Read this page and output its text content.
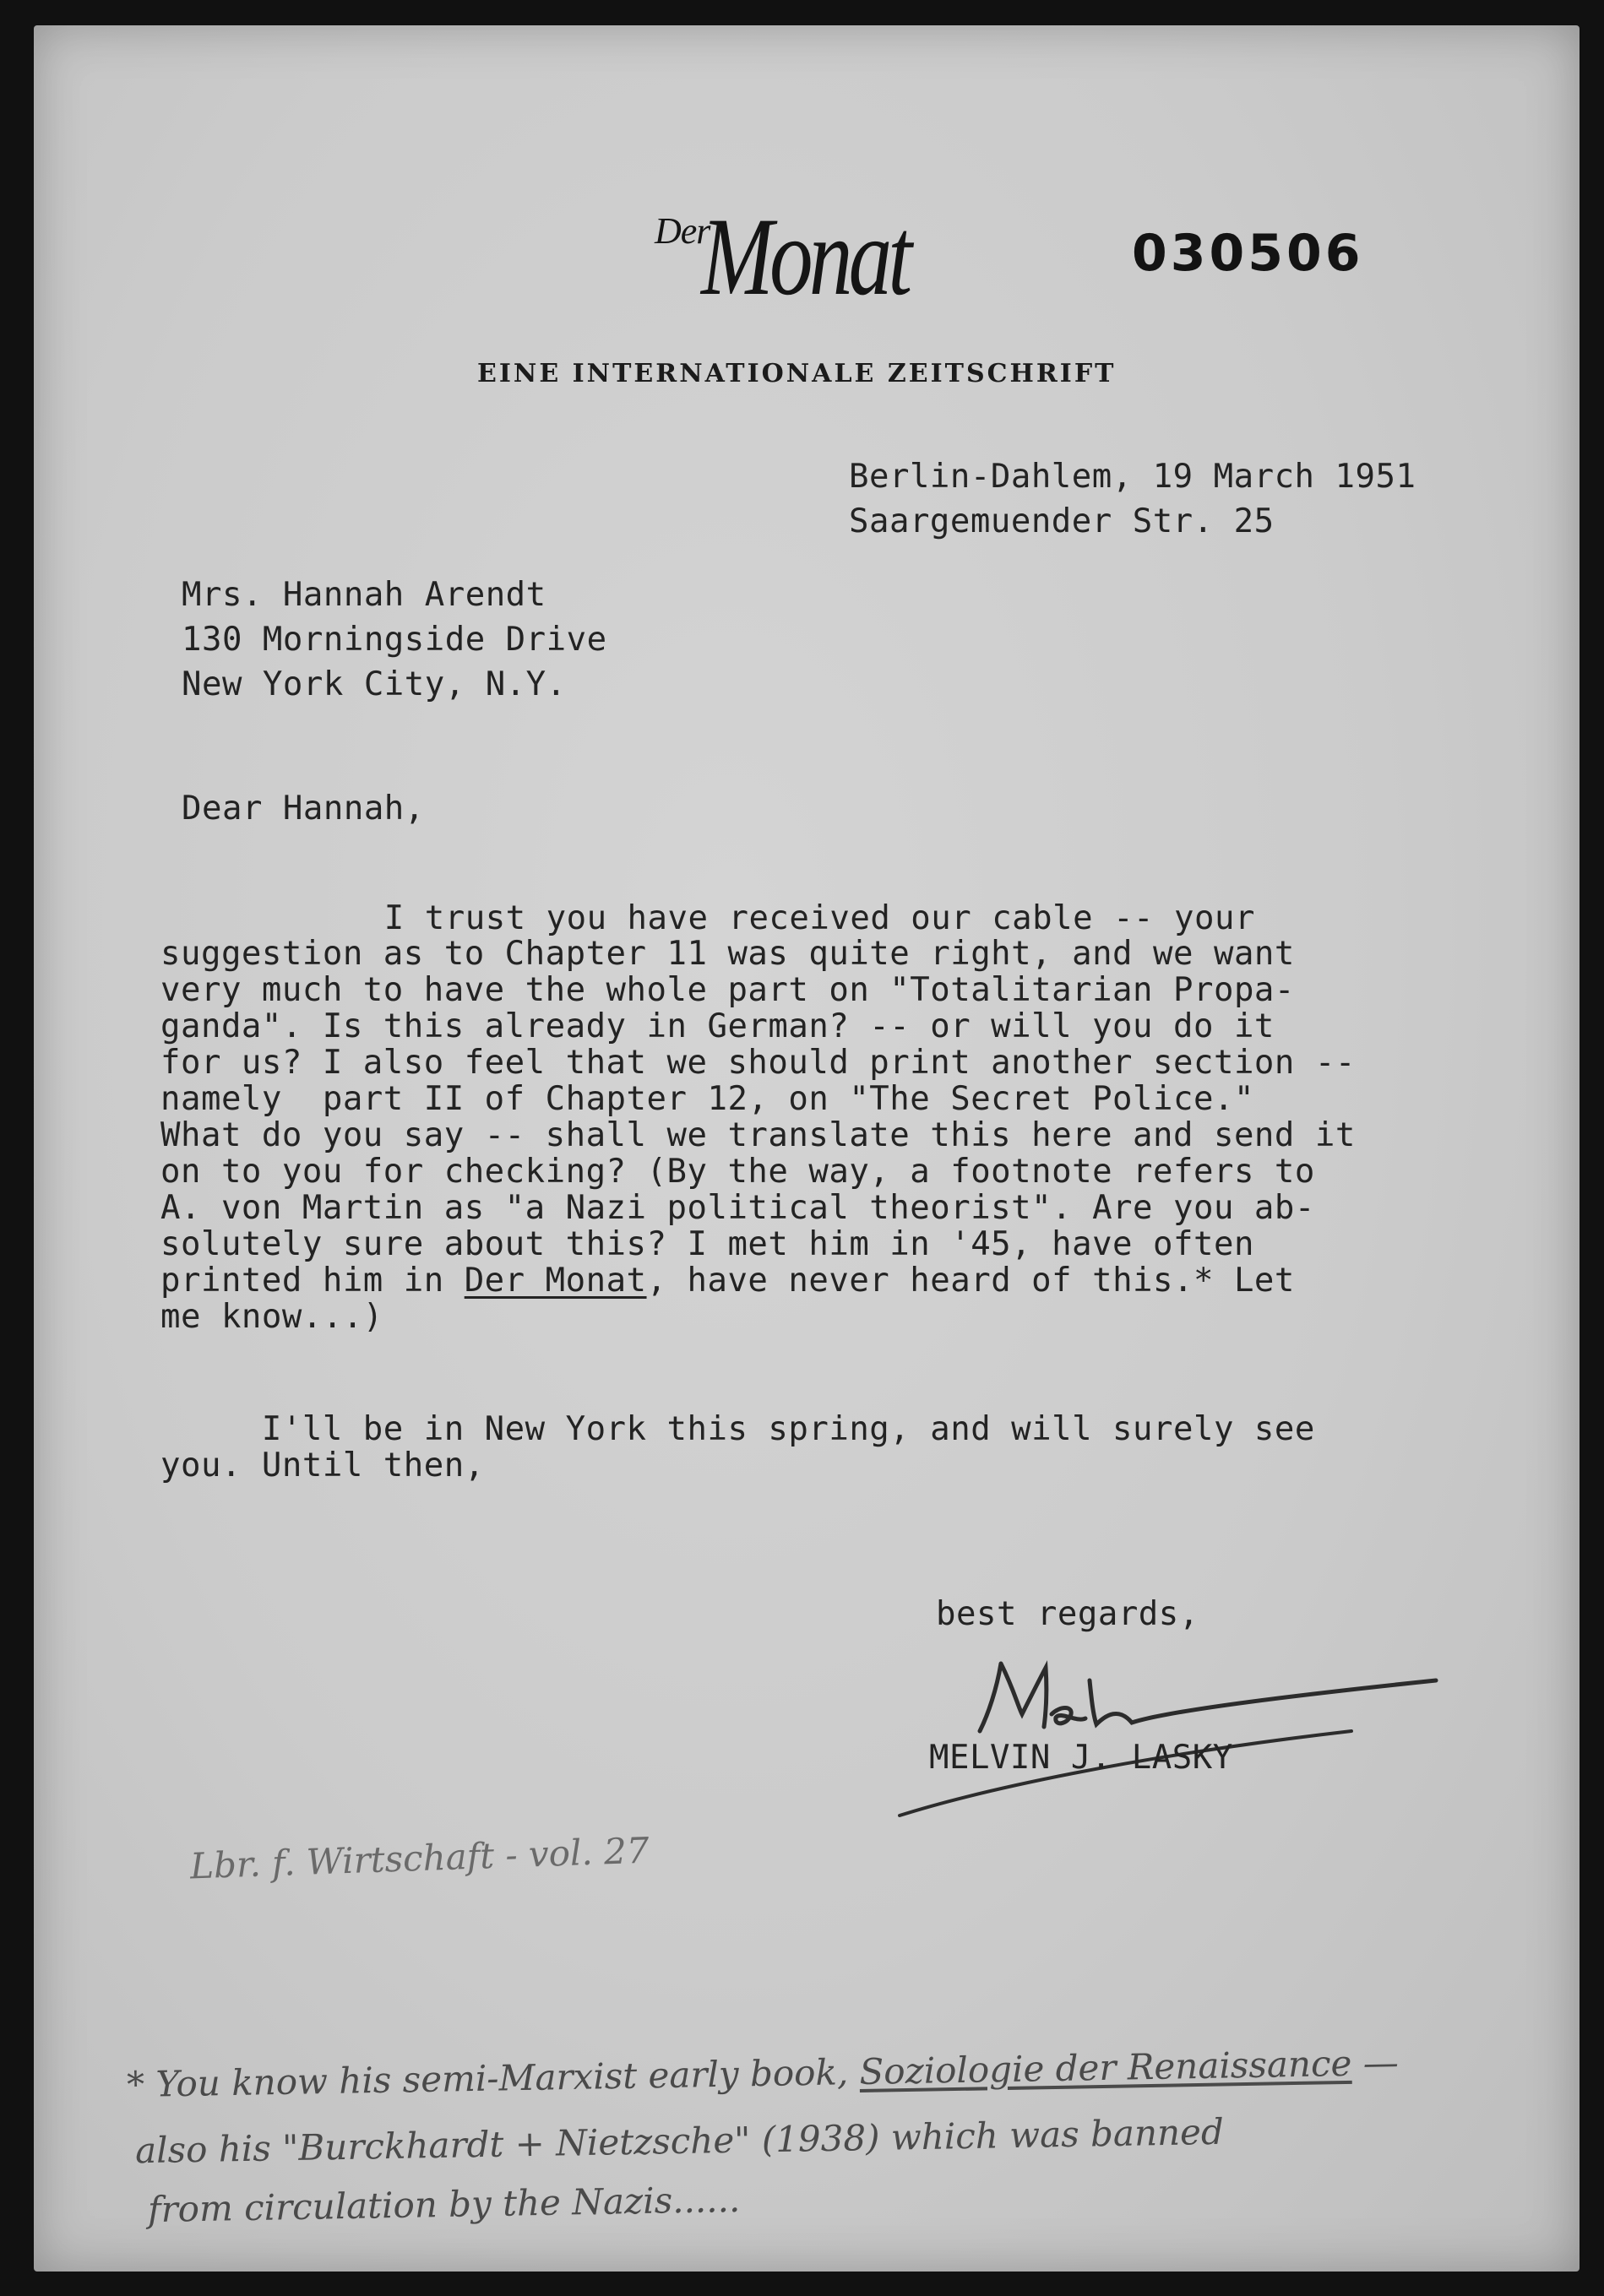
Der
Monat	030506
EINE INTERNATIONALE ZEITSCHRIFT
Berlin-Dahlem, 19 March 1951
Saargemuender Str. 25
Mrs. Hannah Arendt
130 Morningside Drive
New York City, N.Y.
Dear Hannah,
I trust you have received our cable -- your
suggestion as to Chapter 11 was quite right, and we want
very much to have the whole part on "Totalitarian Propa-
ganda". Is this already in German? -- or will you do it
for us? I also feel that we should print another section --
namely  part II of Chapter 12, on "The Secret Police."
What do you say -- shall we translate this here and send it
on to you for checking? (By the way, a footnote refers to
A. von Martin as "a Nazi political theorist". Are you ab-
solutely sure about this? I met him in '45, have often
printed him in Der Monat, have never heard of this.* Let
me know...)
I'll be in New York this spring, and will surely see
you. Until then,
best regards,
MELVIN J. LASKY
Lbr. f. Wirtschaft - vol. 27
* You know his semi-Marxist early book, Soziologie der Renaissance —
also his "Burckhardt + Nietzsche" (1938) which was banned
from circulation by the Nazis......
